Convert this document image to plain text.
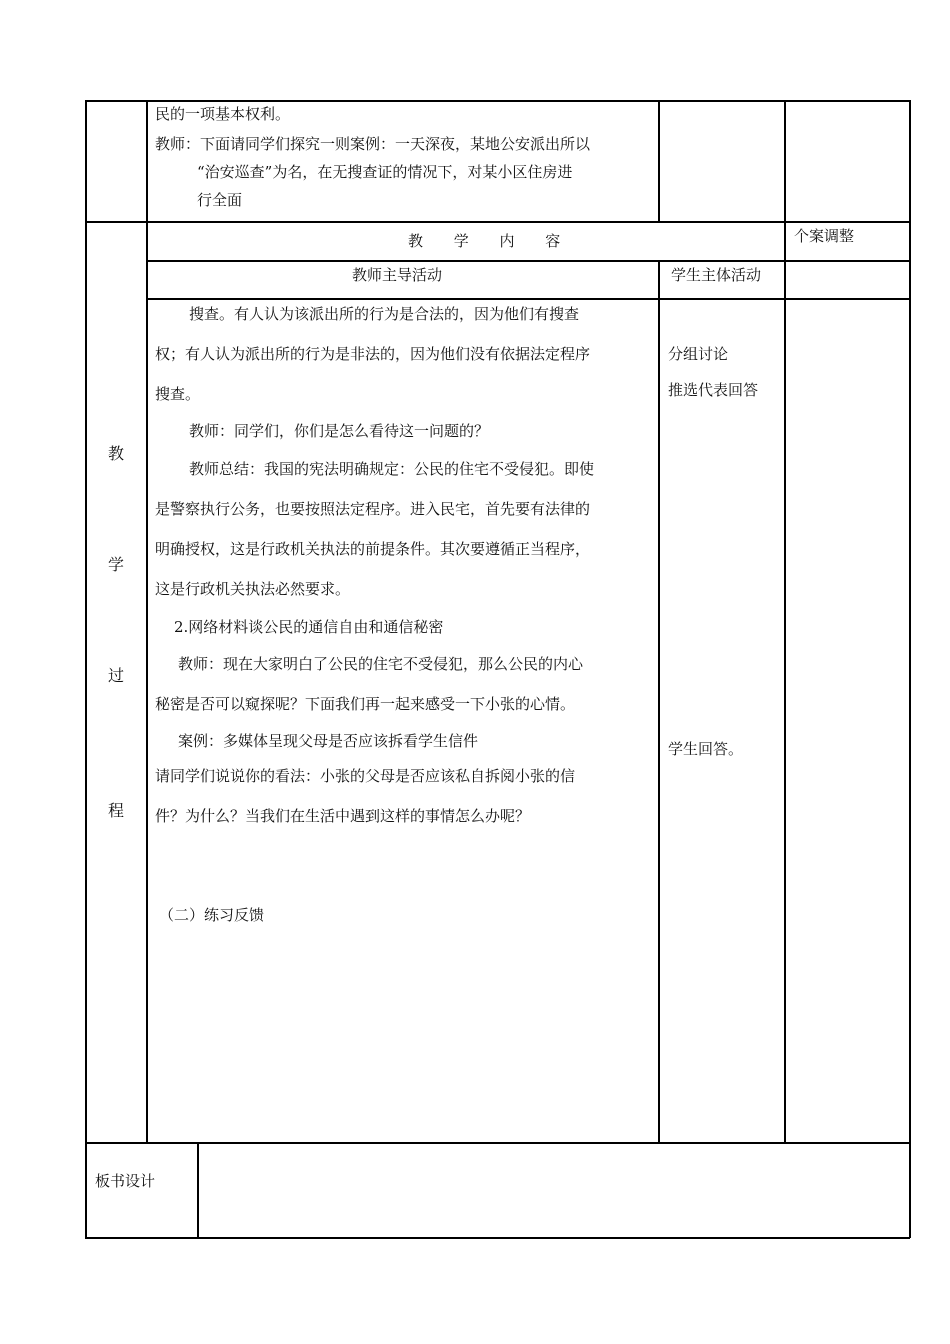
民的一项基本权利。
教师：下面请同学们探究一则案例：一天深夜，某地公安派出所以
“治安巡查”为名，在无搜查证的情况下，对某小区住房进
行全面
教 学 内 容	个案调整
教师主导活动	学生主体活动
教
学
过
程
搜查。有人认为该派出所的行为是合法的，因为他们有搜查
权；有人认为派出所的行为是非法的，因为他们没有依据法定程序
搜查。
教师：同学们，你们是怎么看待这一问题的？
教师总结：我国的宪法明确规定：公民的住宅不受侵犯。即使
是警察执行公务，也要按照法定程序。进入民宅，首先要有法律的
明确授权，这是行政机关执法的前提条件。其次要遵循正当程序，
这是行政机关执法必然要求。
2.网络材料谈公民的通信自由和通信秘密
教师：现在大家明白了公民的住宅不受侵犯，那么公民的内心
秘密是否可以窥探呢？下面我们再一起来感受一下小张的心情。
案例：多媒体呈现父母是否应该拆看学生信件
请同学们说说你的看法：小张的父母是否应该私自拆阅小张的信
件？为什么？当我们在生活中遇到这样的事情怎么办呢？
（二）练习反馈
分组讨论
推选代表回答
学生回答。
板书设计
